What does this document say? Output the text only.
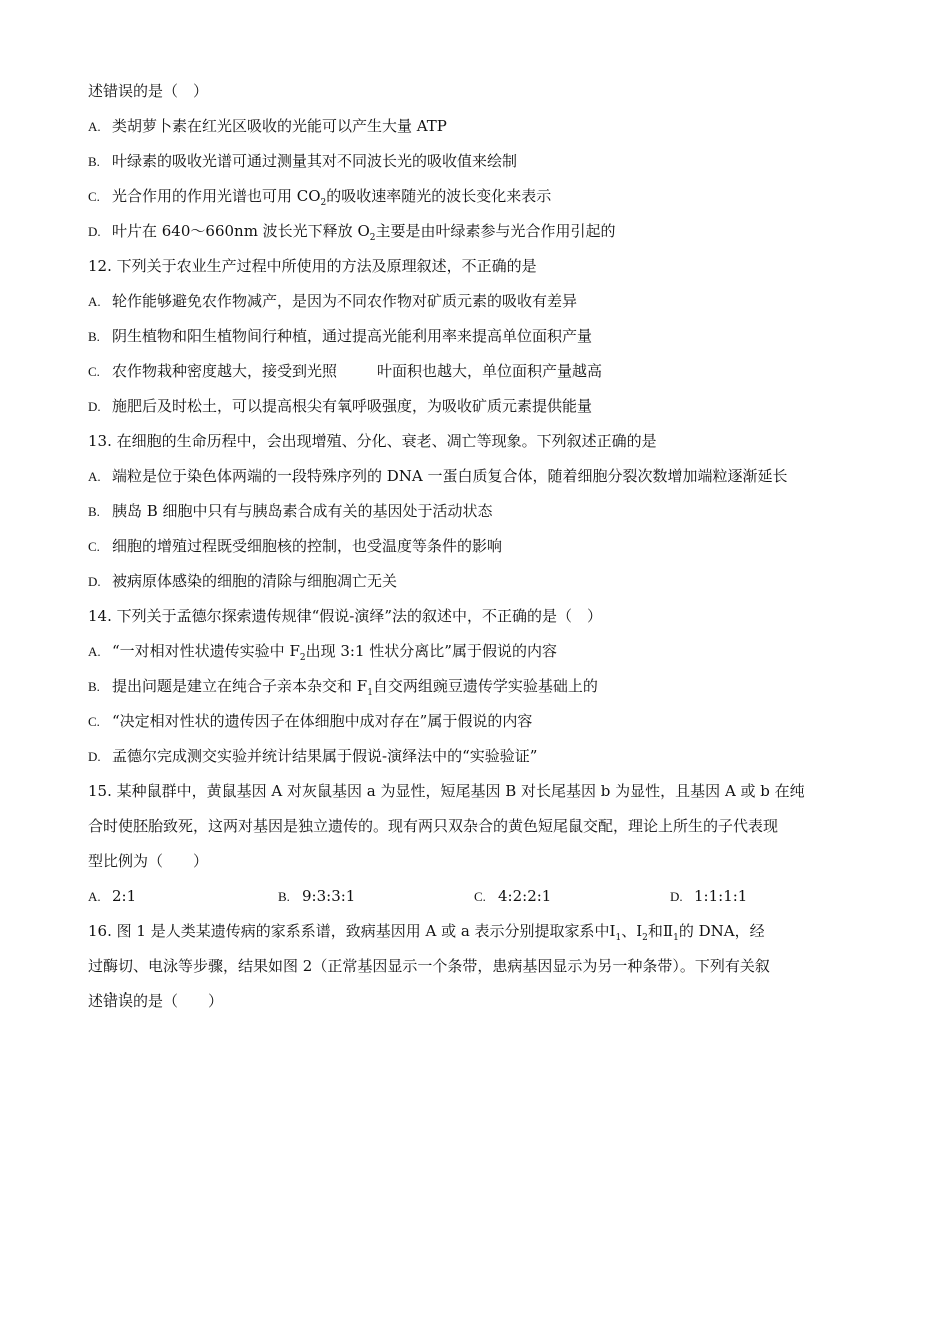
述错误的是（　）
A. 类胡萝卜素在红光区吸收的光能可以产生大量 ATP
B. 叶绿素的吸收光谱可通过测量其对不同波长光的吸收值来绘制
C. 光合作用的作用光谱也可用 $CO_2$的吸收速率随光的波长变化来表示
D. 叶片在 640～660nm 波长光下释放 $O_2$主要是由叶绿素参与光合作用引起的
12. 下列关于农业生产过程中所使用的方法及原理叙述，不正确的是
A. 轮作能够避免农作物减产，是因为不同农作物对矿质元素的吸收有差异
B. 阴生植物和阳生植物间行种植，通过提高光能利用率来提高单位面积产量
C. 农作物栽种密度越大，接受到光照	叶面积也越大，单位面积产量越高
D. 施肥后及时松土，可以提高根尖有氧呼吸强度，为吸收矿质元素提供能量
13. 在细胞的生命历程中，会出现增殖、分化、衰老、凋亡等现象。下列叙述正确的是
A. 端粒是位于染色体两端的一段特殊序列的 DNA 一蛋白质复合体，随着细胞分裂次数增加端粒逐渐延长
B. 胰岛 B 细胞中只有与胰岛素合成有关的基因处于活动状态
C. 细胞的增殖过程既受细胞核的控制，也受温度等条件的影响
D. 被病原体感染的细胞的清除与细胞凋亡无关
14. 下列关于孟德尔探索遗传规律“假说-演绎”法的叙述中，不正确的是（　）
A. “一对相对性状遗传实验中 $F_2$出现 3:1 性状分离比”属于假说的内容
B. 提出问题是建立在纯合子亲本杂交和 $F_1$自交两组豌豆遗传学实验基础上的
C. “决定相对性状的遗传因子在体细胞中成对存在”属于假说的内容
D. 孟德尔完成测交实验并统计结果属于假说-演绎法中的“实验验证”
15. 某种鼠群中，黄鼠基因 A 对灰鼠基因 a 为显性，短尾基因 B 对长尾基因 b 为显性，且基因 A 或 b 在纯
合时使胚胎致死，这两对基因是独立遗传的。现有两只双杂合的黄色短尾鼠交配，理论上所生的子代表现
型比例为（　　）
A. 2:1	B. 9:3:3:1	C. 4:2:2:1	D. 1:1:1:1
16. 图 1 是人类某遗传病的家系系谱，致病基因用 A 或 a 表示分别提取家系中$Ⅰ_1$、$Ⅰ_2$和$Ⅱ_1$的 DNA，经
过酶切、电泳等步骤，结果如图 2（正常基因显示一个条带，患病基因显示为另一种条带）。下列有关叙
述错误的是（　　）
